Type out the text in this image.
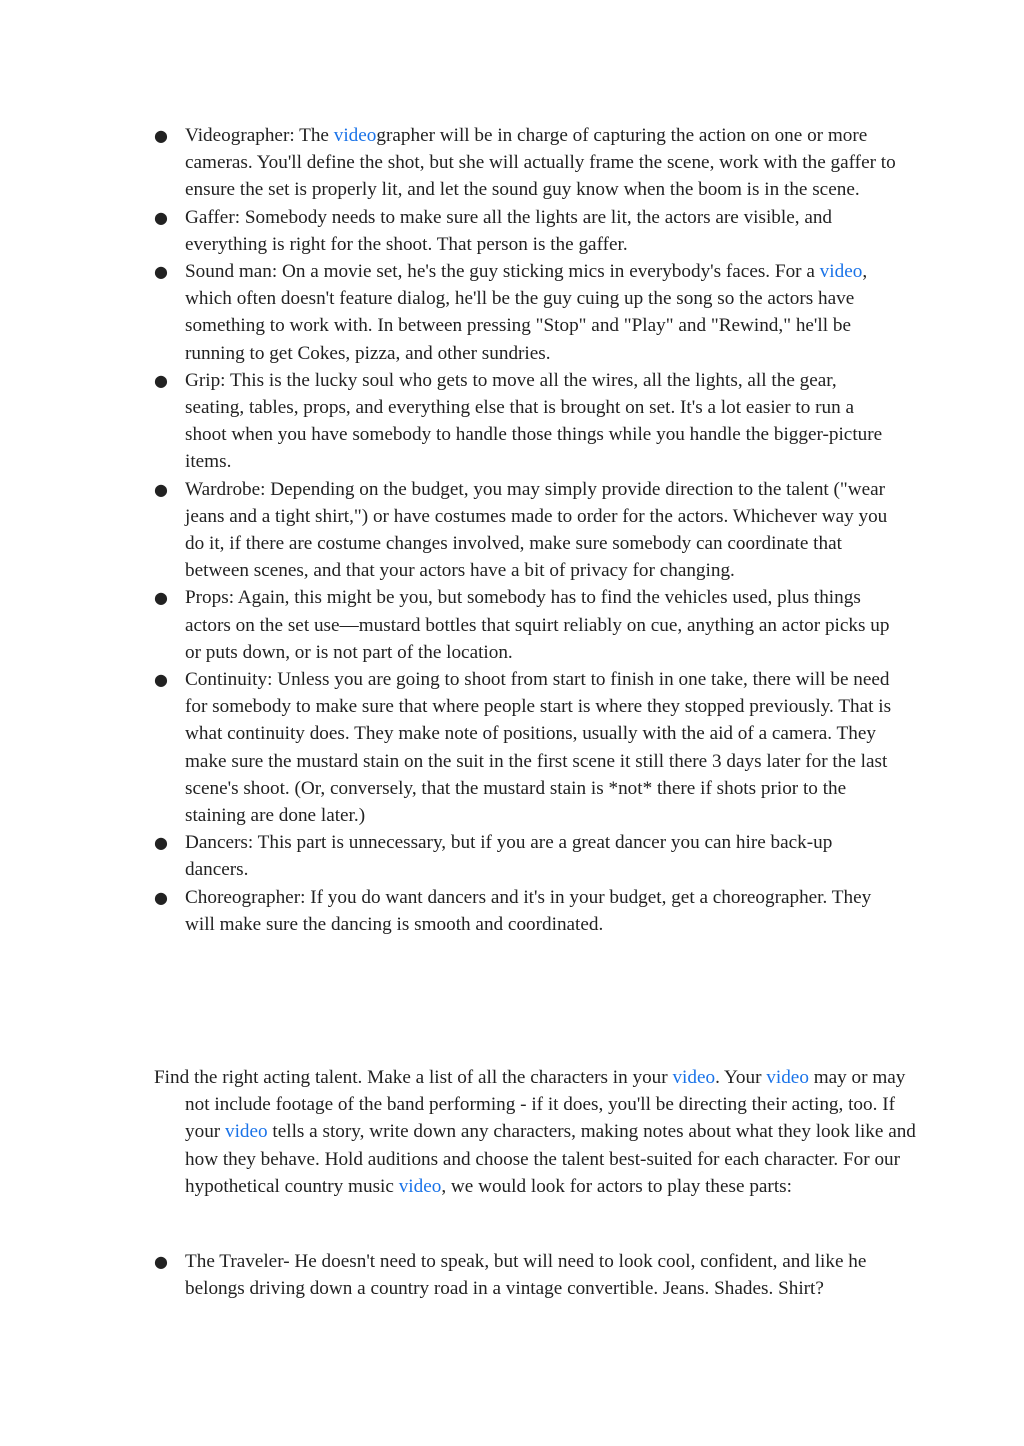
● Videographer: The videographer will be in charge of capturing the action on one or more cameras. You'll define the shot, but she will actually frame the scene, work with the gaffer to ensure the set is properly lit, and let the sound guy know when the boom is in the scene.
● Gaffer: Somebody needs to make sure all the lights are lit, the actors are visible, and everything is right for the shoot. That person is the gaffer.
● Sound man: On a movie set, he's the guy sticking mics in everybody's faces. For a video, which often doesn't feature dialog, he'll be the guy cuing up the song so the actors have something to work with. In between pressing "Stop" and "Play" and "Rewind," he'll be running to get Cokes, pizza, and other sundries.
● Grip: This is the lucky soul who gets to move all the wires, all the lights, all the gear, seating, tables, props, and everything else that is brought on set. It's a lot easier to run a shoot when you have somebody to handle those things while you handle the bigger-picture items.
● Wardrobe: Depending on the budget, you may simply provide direction to the talent ("wear jeans and a tight shirt,") or have costumes made to order for the actors. Whichever way you do it, if there are costume changes involved, make sure somebody can coordinate that between scenes, and that your actors have a bit of privacy for changing.
● Props: Again, this might be you, but somebody has to find the vehicles used, plus things actors on the set use—mustard bottles that squirt reliably on cue, anything an actor picks up or puts down, or is not part of the location.
● Continuity: Unless you are going to shoot from start to finish in one take, there will be need for somebody to make sure that where people start is where they stopped previously. That is what continuity does. They make note of positions, usually with the aid of a camera. They make sure the mustard stain on the suit in the first scene it still there 3 days later for the last scene's shoot. (Or, conversely, that the mustard stain is *not* there if shots prior to the staining are done later.)
● Dancers: This part is unnecessary, but if you are a great dancer you can hire back-up dancers.
● Choreographer: If you do want dancers and it's in your budget, get a choreographer. They will make sure the dancing is smooth and coordinated.

Find the right acting talent. Make a list of all the characters in your video. Your video may or may not include footage of the band performing - if it does, you'll be directing their acting, too. If your video tells a story, write down any characters, making notes about what they look like and how they behave. Hold auditions and choose the talent best-suited for each character. For our hypothetical country music video, we would look for actors to play these parts:

● The Traveler- He doesn't need to speak, but will need to look cool, confident, and like he belongs driving down a country road in a vintage convertible. Jeans. Shades. Shirt?
